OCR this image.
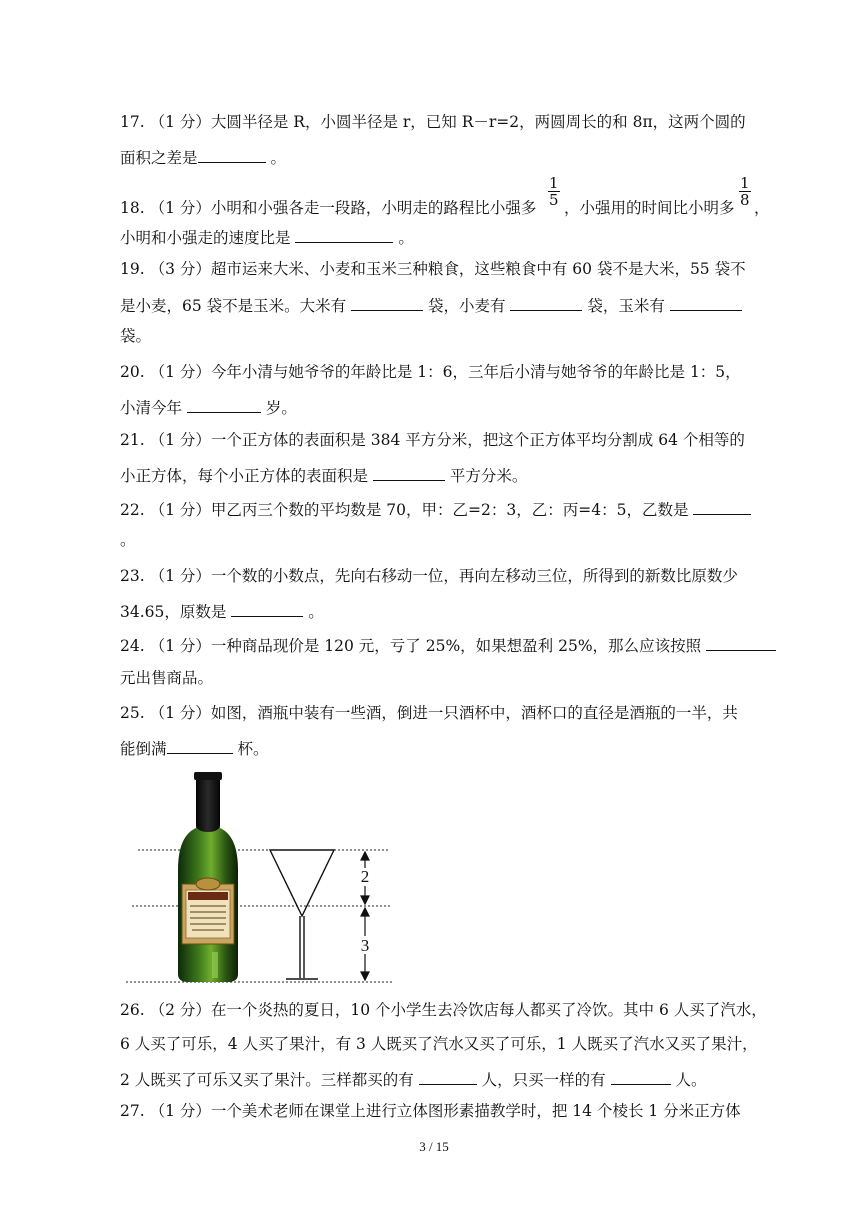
17. （1 分）大圆半径是 R，小圆半径是 r，已知 R－r=2，两圆周长的和 8π，这两个圆的
面积之差是	。
18. （1 分）小明和小强各走一段路，小明走的路程比小强多 $\frac{1}{5}$ ，小强用的时间比小明多 $\frac{1}{8}$ ，
小明和小强走的速度比是	。
19. （3 分）超市运来大米、小麦和玉米三种粮食，这些粮食中有 60 袋不是大米，55 袋不
是小麦，65 袋不是玉米。大米有	袋，小麦有	袋，玉米有
袋。
20. （1 分）今年小清与她爷爷的年龄比是 1：6，三年后小清与她爷爷的年龄比是 1：5，
小清今年	岁。
21. （1 分）一个正方体的表面积是 384 平方分米，把这个正方体平均分割成 64 个相等的
小正方体，每个小正方体的表面积是	平方分米。
22. （1 分）甲乙丙三个数的平均数是 70，甲：乙=2：3，乙：丙=4：5，乙数是
。
23. （1 分）一个数的小数点，先向右移动一位，再向左移动三位，所得到的新数比原数少
34.65，原数是	。
24. （1 分）一种商品现价是 120 元，亏了 25%，如果想盈利 25%，那么应该按照
元出售商品。
25. （1 分）如图，酒瓶中装有一些酒，倒进一只酒杯中，酒杯口的直径是酒瓶的一半，共
能倒满	杯。
2
3
26. （2 分）在一个炎热的夏日，10 个小学生去冷饮店每人都买了冷饮。其中 6 人买了汽水，
6 人买了可乐，4 人买了果汁，有 3 人既买了汽水又买了可乐，1 人既买了汽水又买了果汁，
2 人既买了可乐又买了果汁。三样都买的有	人，只买一样的有	人。
27. （1 分）一个美术老师在课堂上进行立体图形素描教学时，把 14 个棱长 1 分米正方体
3 / 15
